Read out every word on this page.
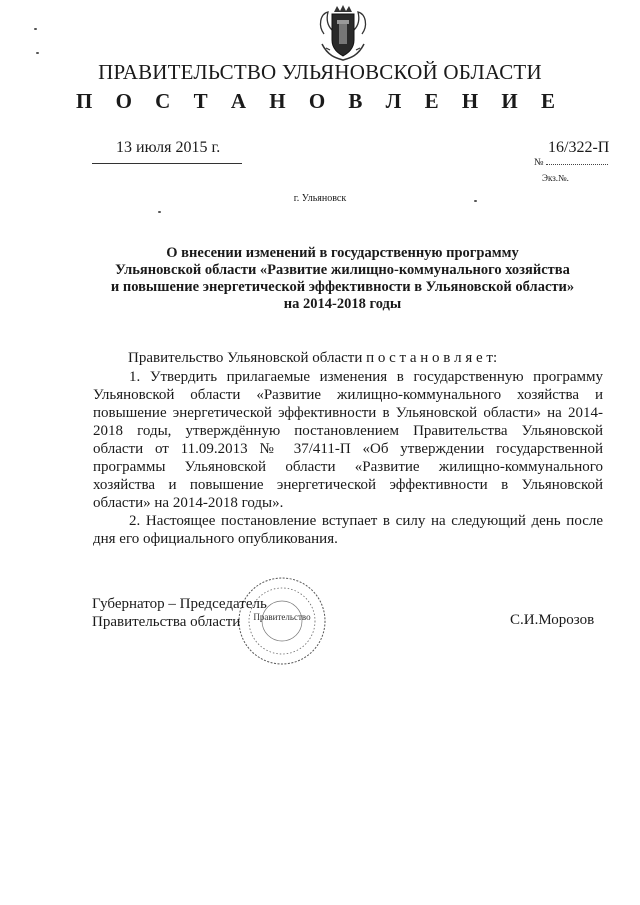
ПРАВИТЕЛЬСТВО УЛЬЯНОВСКОЙ ОБЛАСТИ
П О С Т А Н О В Л Е Н И Е
13 июля 2015 г.	16/322-П
№
Экз.№.
г. Ульяновск
О внесении изменений в государственную программу
Ульяновской области «Развитие жилищно-коммунального хозяйства
и повышение энергетической эффективности в Ульяновской области»
на 2014-2018 годы
Правительство Ульяновской области п о с т а н о в л я е т:

1. Утвердить прилагаемые изменения в государственную программу Ульяновской области «Развитие жилищно-коммунального хозяйства и повышение энергетической эффективности в Ульяновской области» на 2014-2018 годы, утверждённую постановлением Правительства Ульяновской области от 11.09.2013 № 37/411-П «Об утверждении государственной программы Ульяновской области «Развитие жилищно-коммунального хозяйства и повышение энергетической эффективности в Ульяновской области» на 2014-2018 годы».

2. Настоящее постановление вступает в силу на следующий день после дня его официального опубликования.

Правительство
Губернатор – Председатель
Правительства области	С.И.Морозов
